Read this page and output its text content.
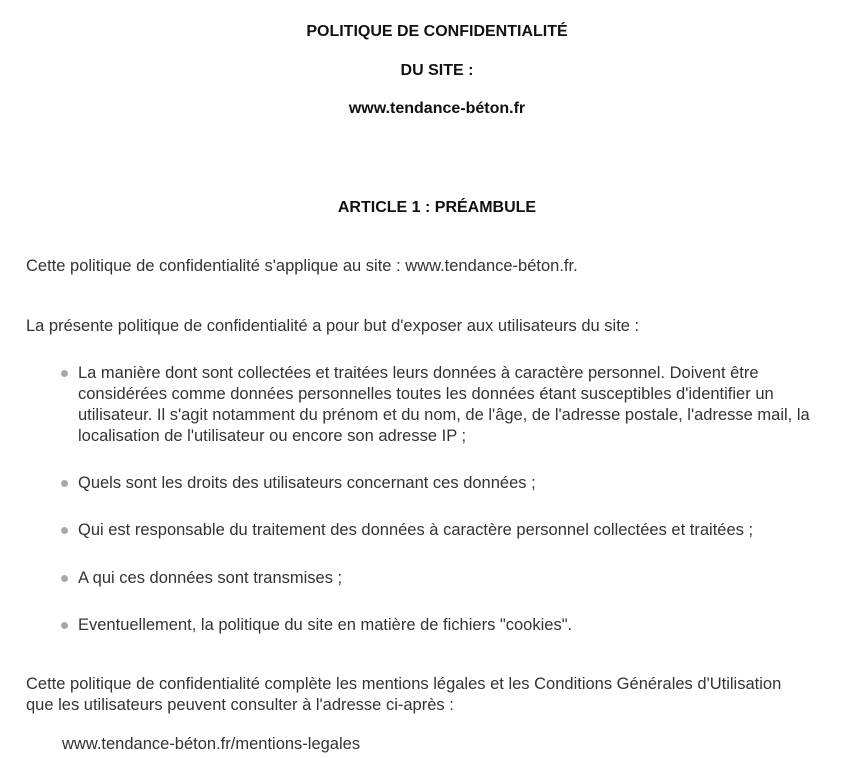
POLITIQUE DE CONFIDENTIALITÉ
DU SITE :
www.tendance-béton.fr
ARTICLE 1 : PRÉAMBULE
Cette politique de confidentialité s'applique au site : www.tendance-béton.fr.
La présente politique de confidentialité a pour but d'exposer aux utilisateurs du site :
La manière dont sont collectées et traitées leurs données à caractère personnel. Doivent être
considérées comme données personnelles toutes les données étant susceptibles d'identifier un
utilisateur. Il s'agit notamment du prénom et du nom, de l'âge, de l'adresse postale, l'adresse mail, la
localisation de l'utilisateur ou encore son adresse IP ;
Quels sont les droits des utilisateurs concernant ces données ;
Qui est responsable du traitement des données à caractère personnel collectées et traitées ;
A qui ces données sont transmises ;
Eventuellement, la politique du site en matière de fichiers "cookies".
Cette politique de confidentialité complète les mentions légales et les Conditions Générales d'Utilisation
que les utilisateurs peuvent consulter à l'adresse ci-après :
www.tendance-béton.fr/mentions-legales
